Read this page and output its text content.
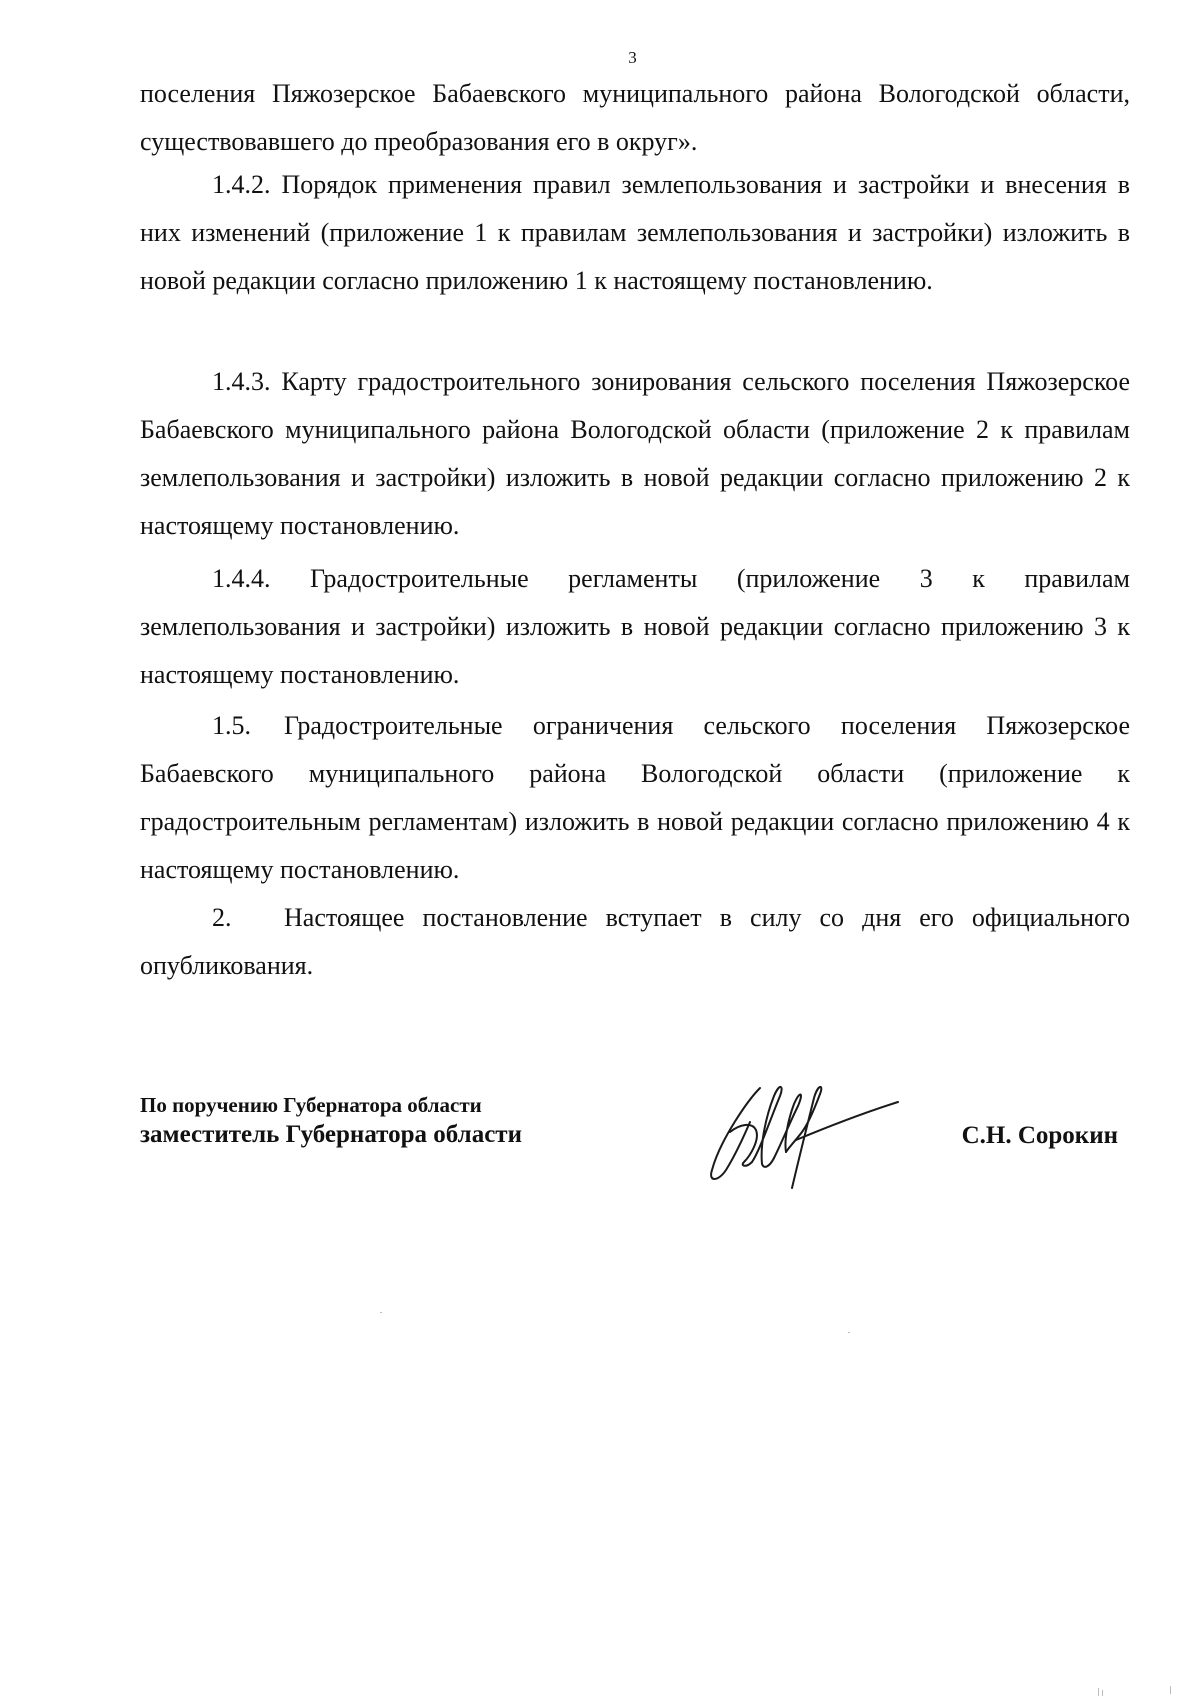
3

поселения Пяжозерское Бабаевского муниципального района Вологодской области, существовавшего до преобразования его в округ».

1.4.2. Порядок применения правил землепользования и застройки и внесения в них изменений (приложение 1 к правилам землепользования и застройки) изложить в новой редакции согласно приложению 1 к настоящему постановлению.

1.4.3. Карту градостроительного зонирования сельского поселения Пяжозерское Бабаевского муниципального района Вологодской области (приложение 2 к правилам землепользования и застройки) изложить в новой редакции согласно приложению 2 к настоящему постановлению.

1.4.4. Градостроительные регламенты (приложение 3 к правилам землепользования и застройки) изложить в новой редакции согласно приложению 3 к настоящему постановлению.

1.5. Градостроительные ограничения сельского поселения Пяжозерское Бабаевского муниципального района Вологодской области (приложение к градостроительным регламентам) изложить в новой редакции согласно приложению 4 к настоящему постановлению.

2. Настоящее постановление вступает в силу со дня его официального опубликования.

По поручению Губернатора области
заместитель Губернатора области	С.Н. Сорокин
